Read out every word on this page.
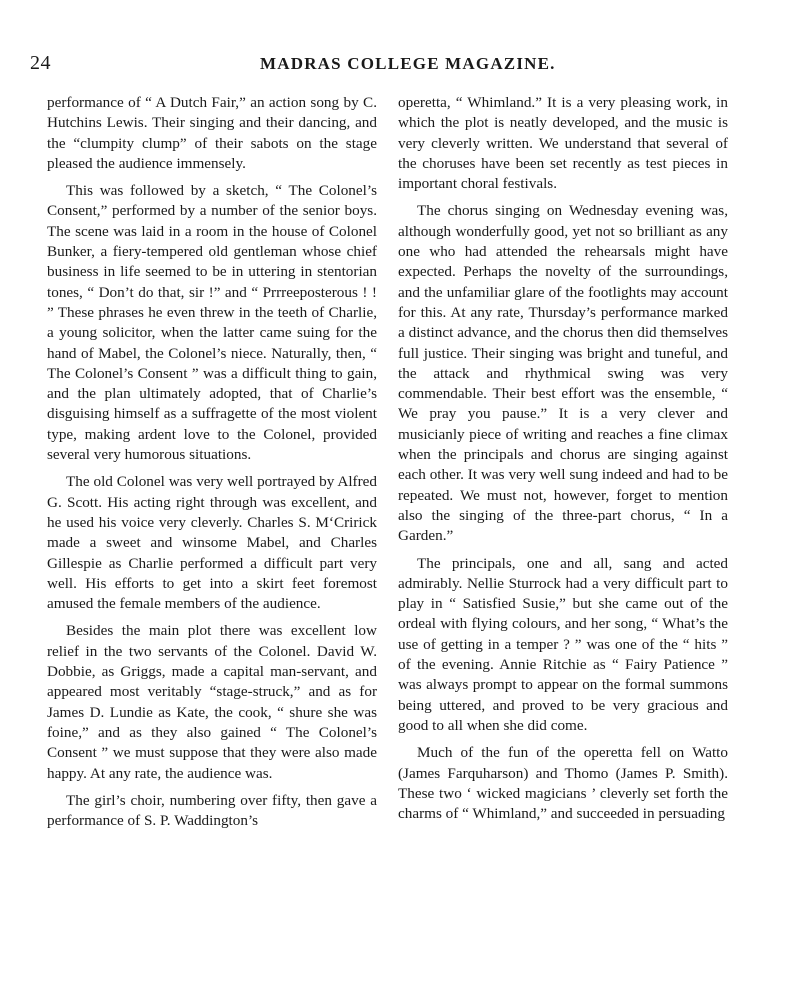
24	MADRAS COLLEGE MAGAZINE.

performance of “ A Dutch Fair,” an action song by C. Hutchins Lewis. Their singing and their dancing, and the “clumpity clump” of their sabots on the stage pleased the audience immensely.

This was followed by a sketch, “ The Colonel’s Consent,” performed by a number of the senior boys. The scene was laid in a room in the house of Colonel Bunker, a fiery-tempered old gentleman whose chief business in life seemed to be in uttering in stentorian tones, “ Don’t do that, sir !” and “ Prrreeposterous ! ! ” These phrases he even threw in the teeth of Charlie, a young solicitor, when the latter came suing for the hand of Mabel, the Colonel’s niece. Naturally, then, “ The Colonel’s Consent ” was a difficult thing to gain, and the plan ultimately adopted, that of Charlie’s disguising himself as a suffragette of the most violent type, making ardent love to the Colonel, provided several very humorous situations.

The old Colonel was very well portrayed by Alfred G. Scott. His acting right through was excellent, and he used his voice very cleverly. Charles S. M‘Cririck made a sweet and winsome Mabel, and Charles Gillespie as Charlie performed a difficult part very well. His efforts to get into a skirt feet foremost amused the female members of the audience.

Besides the main plot there was excellent low relief in the two servants of the Colonel. David W. Dobbie, as Griggs, made a capital man-servant, and appeared most veritably “stage-struck,” and as for James D. Lundie as Kate, the cook, “ shure she was foine,” and as they also gained “ The Colonel’s Consent ” we must suppose that they were also made happy. At any rate, the audience was.

The girl’s choir, numbering over fifty, then gave a performance of S. P. Waddington’s

operetta, “ Whimland.” It is a very pleasing work, in which the plot is neatly developed, and the music is very cleverly written. We understand that several of the choruses have been set recently as test pieces in important choral festivals.

The chorus singing on Wednesday evening was, although wonderfully good, yet not so brilliant as any one who had attended the rehearsals might have expected. Perhaps the novelty of the surroundings, and the unfamiliar glare of the footlights may account for this. At any rate, Thursday’s performance marked a distinct advance, and the chorus then did themselves full justice. Their singing was bright and tuneful, and the attack and rhythmical swing was very commendable. Their best effort was the ensemble, “ We pray you pause.” It is a very clever and musicianly piece of writing and reaches a fine climax when the principals and chorus are singing against each other. It was very well sung indeed and had to be repeated. We must not, however, forget to mention also the singing of the three-part chorus, “ In a Garden.”

The principals, one and all, sang and acted admirably. Nellie Sturrock had a very difficult part to play in “ Satisfied Susie,” but she came out of the ordeal with flying colours, and her song, “ What’s the use of getting in a temper ? ” was one of the “ hits ” of the evening. Annie Ritchie as “ Fairy Patience ” was always prompt to appear on the formal summons being uttered, and proved to be very gracious and good to all when she did come.

Much of the fun of the operetta fell on Watto (James Farquharson) and Thomo (James P. Smith). These two ‘ wicked magicians ’ cleverly set forth the charms of “ Whimland,” and succeeded in persuading
